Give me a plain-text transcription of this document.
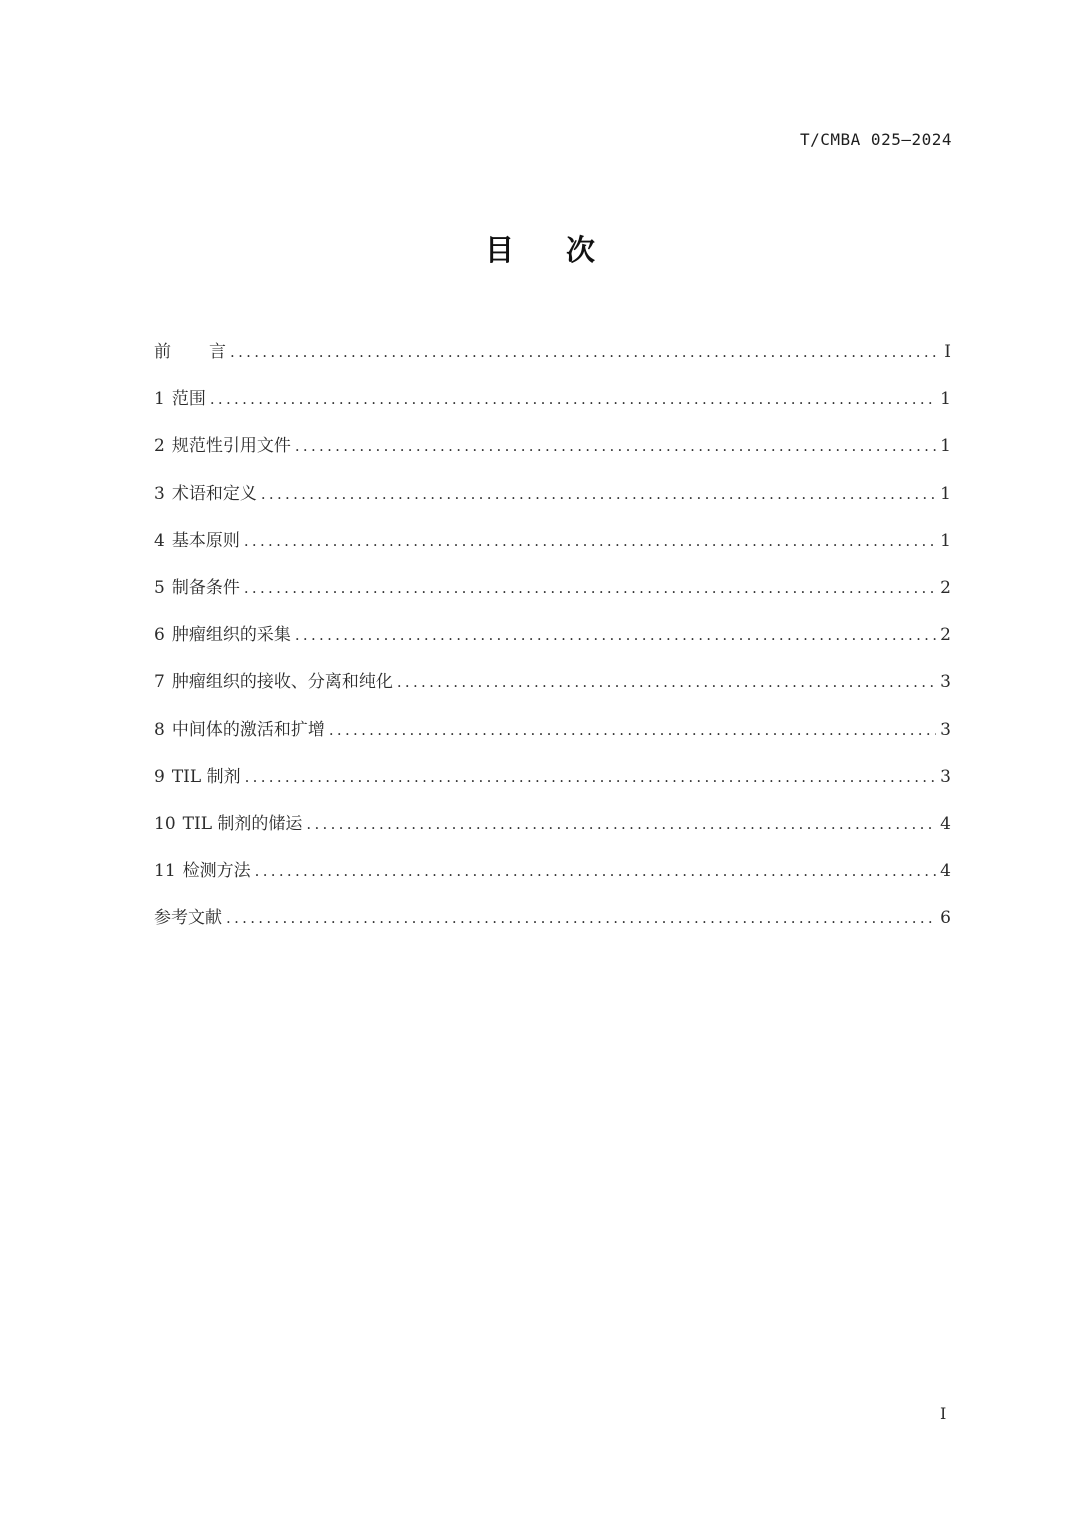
T/CMBA 025—2024
目 次
前 言 .....	I
1 范围 .....	1
2 规范性引用文件 .....	1
3 术语和定义 .....	1
4 基本原则 .....	1
5 制备条件 .....	2
6 肿瘤组织的采集 .....	2
7 肿瘤组织的接收、分离和纯化 .....	3
8 中间体的激活和扩增 .....	3
9 TIL 制剂 .....	3
10 TIL 制剂的储运 .....	4
11 检测方法 .....	4
参考文献 .....	6
I
